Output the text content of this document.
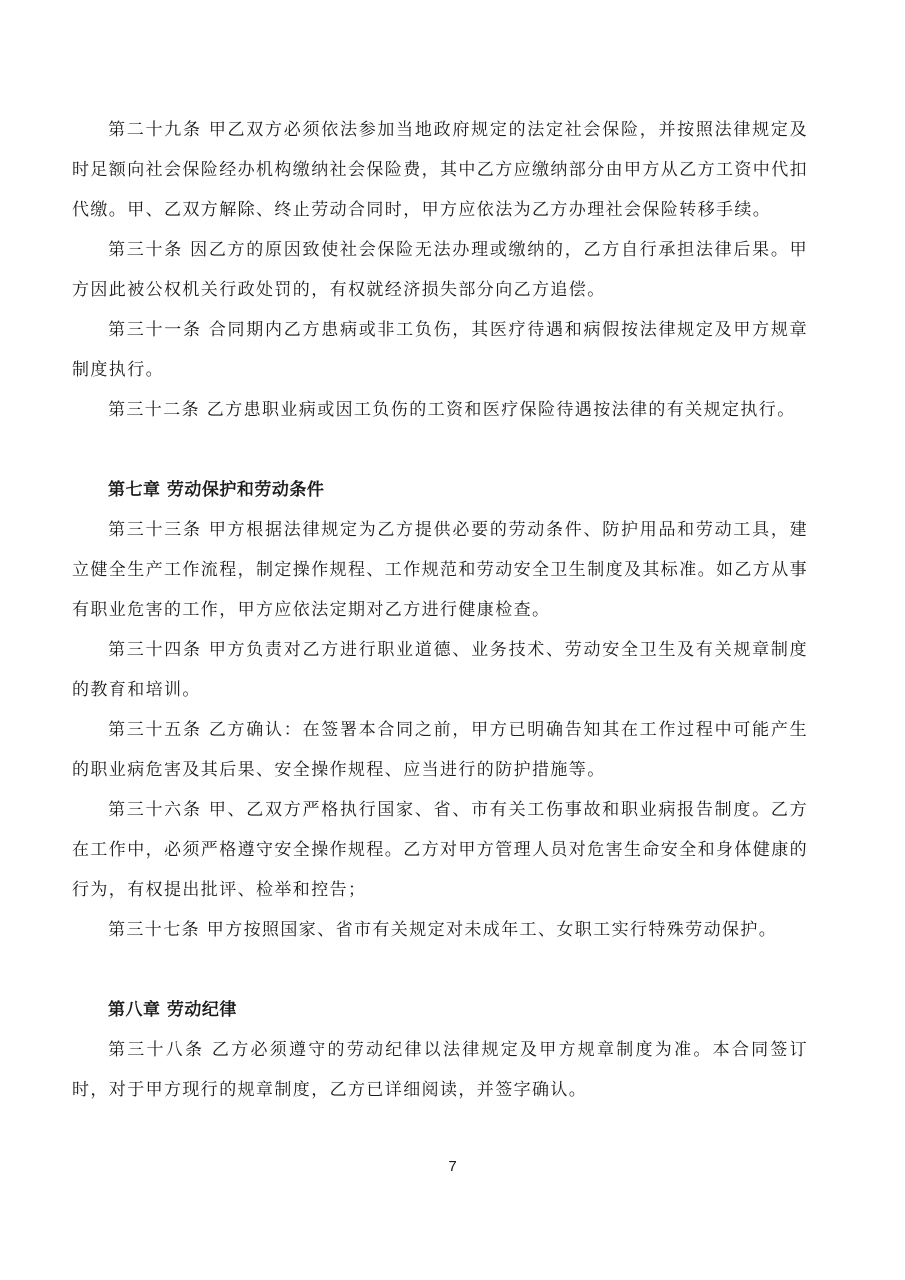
第二十九条 甲乙双方必须依法参加当地政府规定的法定社会保险，并按照法律规定及时足额向社会保险经办机构缴纳社会保险费，其中乙方应缴纳部分由甲方从乙方工资中代扣代缴。甲、乙双方解除、终止劳动合同时，甲方应依法为乙方办理社会保险转移手续。

第三十条 因乙方的原因致使社会保险无法办理或缴纳的，乙方自行承担法律后果。甲方因此被公权机关行政处罚的，有权就经济损失部分向乙方追偿。

第三十一条 合同期内乙方患病或非工负伤，其医疗待遇和病假按法律规定及甲方规章制度执行。

第三十二条 乙方患职业病或因工负伤的工资和医疗保险待遇按法律的有关规定执行。

第七章 劳动保护和劳动条件

第三十三条 甲方根据法律规定为乙方提供必要的劳动条件、防护用品和劳动工具，建立健全生产工作流程，制定操作规程、工作规范和劳动安全卫生制度及其标准。如乙方从事有职业危害的工作，甲方应依法定期对乙方进行健康检查。

第三十四条 甲方负责对乙方进行职业道德、业务技术、劳动安全卫生及有关规章制度的教育和培训。

第三十五条 乙方确认：在签署本合同之前，甲方已明确告知其在工作过程中可能产生的职业病危害及其后果、安全操作规程、应当进行的防护措施等。

第三十六条 甲、乙双方严格执行国家、省、市有关工伤事故和职业病报告制度。乙方在工作中，必须严格遵守安全操作规程。乙方对甲方管理人员对危害生命安全和身体健康的行为，有权提出批评、检举和控告；

第三十七条 甲方按照国家、省市有关规定对未成年工、女职工实行特殊劳动保护。

第八章 劳动纪律

第三十八条 乙方必须遵守的劳动纪律以法律规定及甲方规章制度为准。本合同签订时，对于甲方现行的规章制度，乙方已详细阅读，并签字确认。

7
